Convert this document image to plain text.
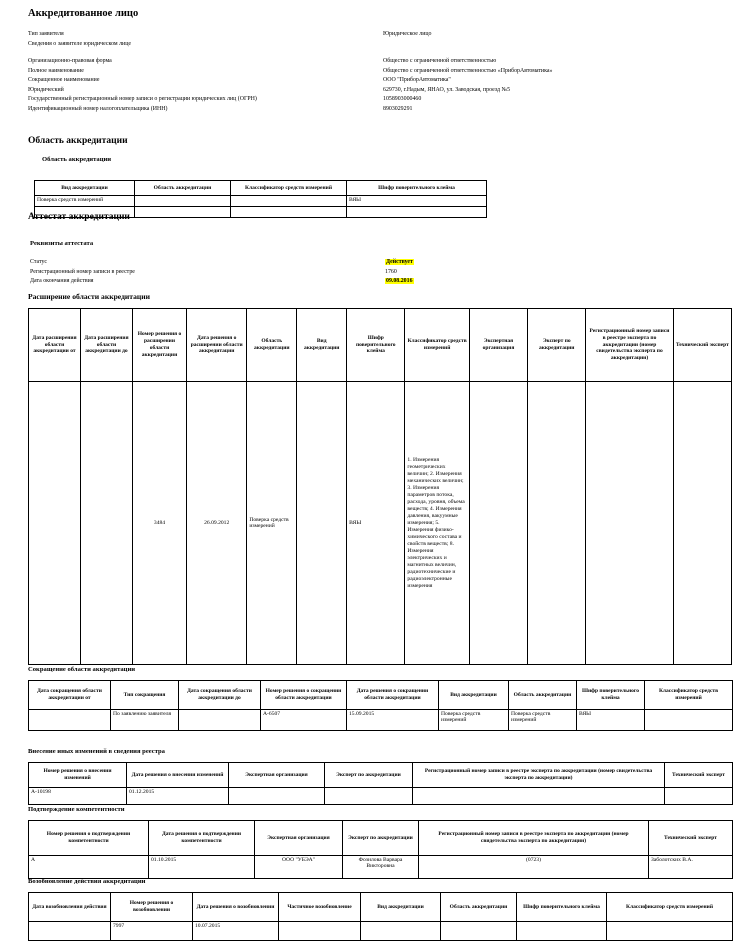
Аккредитованное лицо
Тип заявителя	Юридическое лицо
Сведения о заявителе юридическом лице
Организационно-правовая форма	Общество с ограниченной ответственностью
Полное наименование	Общество с ограниченной ответственностью «ПриборАвтоматика»
Сокращенное наименование	ООО "ПриборАвтоматика"
Юридический	629730, г.Надым, ЯНАО, ул. Заводская, проезд №5
Государственный регистрационный номер записи о регистрации юридических лиц (ОГРН)	1058903000460
Идентификационный номер налогоплательщика (ИНН)	8903029291
Область аккредитации
Область аккредитации
Вид аккредитации	Область аккредитации	Классификатор средств измерений	Шифр поверительного клейма
Поверка средств измерений			ВЯЫ

Аттестат аккредитации
Реквизиты аттестата
Статус	Действует
Регистрационный номер записи в реестре	1760
Дата окончания действия	09.08.2016
Расширение области аккредитации
Дата расширения области аккредитации от	Дата расширения области аккредитации до	Номер решения о расширении области аккредитации	Дата решения о расширении области аккредитации	Область аккредитации	Вид аккредитации	Шифр поверительного клейма	Классификатор средств измерений	Экспертная организация	Эксперт по аккредитации	Регистрационный номер записи в реестре эксперта по аккредитации (номер свидетельства эксперта по аккредитации)	Технический эксперт
		3484	26.09.2012	Поверка средств измерений		ВЯЫ	1. Измерения геометрических величин; 2. Измерения механических величин; 3. Измерения параметров потока, расхода, уровня, объема веществ; 4. Измерения давления, вакуумные измерения; 5. Измерения физико-химического состава и свойств веществ; 8. Измерения электрических и магнитных величин, радиотехнические и радиоэлектронные измерения				
Сокращение области аккредитации
Дата сокращения области аккредитации от	Тип сокращения	Дата сокращения области аккредитации до	Номер решения о сокращении области аккредитации	Дата решения о сокращении области аккредитации	Вид аккредитации	Область аккредитации	Шифр поверительного клейма	Классификатор средств измерений
	По заявлению заявителя		А-6507	15.09.2015	Поверка средств измерений	Поверка средств измерений	ВЯЫ	
Внесение иных изменений в сведения реестра
Номер решения о внесении изменений	Дата решения о внесении изменений	Экспертная организация	Эксперт по аккредитации	Регистрационный номер записи в реестре эксперта по аккредитации (номер свидетельства эксперта по аккредитации)	Технический эксперт
А-10198	01.12.2015				
Подтверждение компетентности
Номер решения о подтверждении компетентности	Дата решения о подтверждении компетентности	Экспертная организация	Эксперт по аккредитации	Регистрационный номер записи в реестре эксперта по аккредитации (номер свидетельства эксперта по аккредитации)	Технический эксперт
А	01.10.2015	ООО "УБЭА"	Фозилова Варвара Викторовна	(0723)	Заболотских В.А.
Возобновление действия аккредитации
Дата возобновления действия	Номер решения о возобновлении	Дата решения о возобновлении	Частичное возобновление	Вид аккредитации	Область аккредитации	Шифр поверительного клейма	Классификатор средств измерений
	7997	10.07.2015					
